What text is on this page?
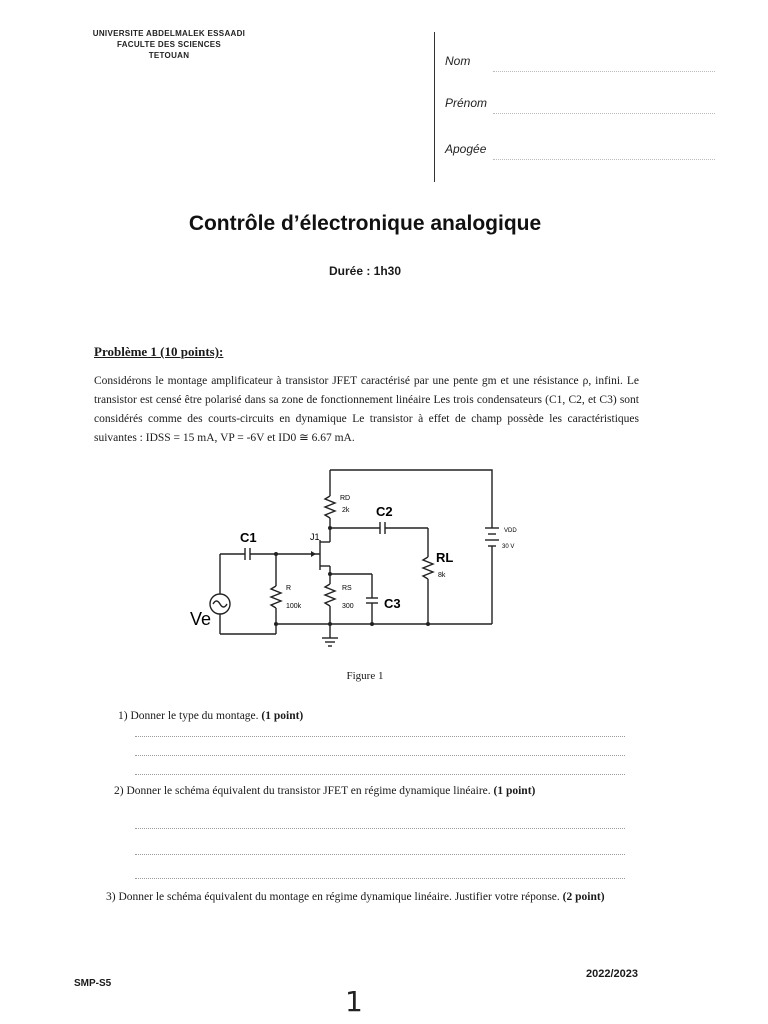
UNIVERSITE ABDELMALEK ESSAADI
FACULTE DES SCIENCES
TETOUAN	Nom
Prénom
Apogée
Contrôle d’électronique analogique
Durée : 1h30
Problème 1 (10 points):
Considérons le montage amplificateur à transistor JFET caractérisé par une pente gm et une résistance ρ, infini. Le transistor est censé être polarisé dans sa zone de fonctionnement linéaire Les trois condensateurs (C1, C2, et C3) sont considérés comme des courts-circuits en dynamique Le transistor à effet de champ possède les caractéristiques suivantes : IDSS = 15 mA, VP = -6V et ID0 ≅ 6.67 mA.
C1	J1
RD
2k C2
RL
8k
VDD
30 V
R
100k
RS
300 C3
Ve
Figure 1
1) Donner le type du montage. (1 point)
2) Donner le schéma équivalent du transistor JFET en régime dynamique linéaire. (1 point)
3) Donner le schéma équivalent du montage en régime dynamique linéaire. Justifier votre réponse. (2 point)
SMP-S5
2022/2023
1
